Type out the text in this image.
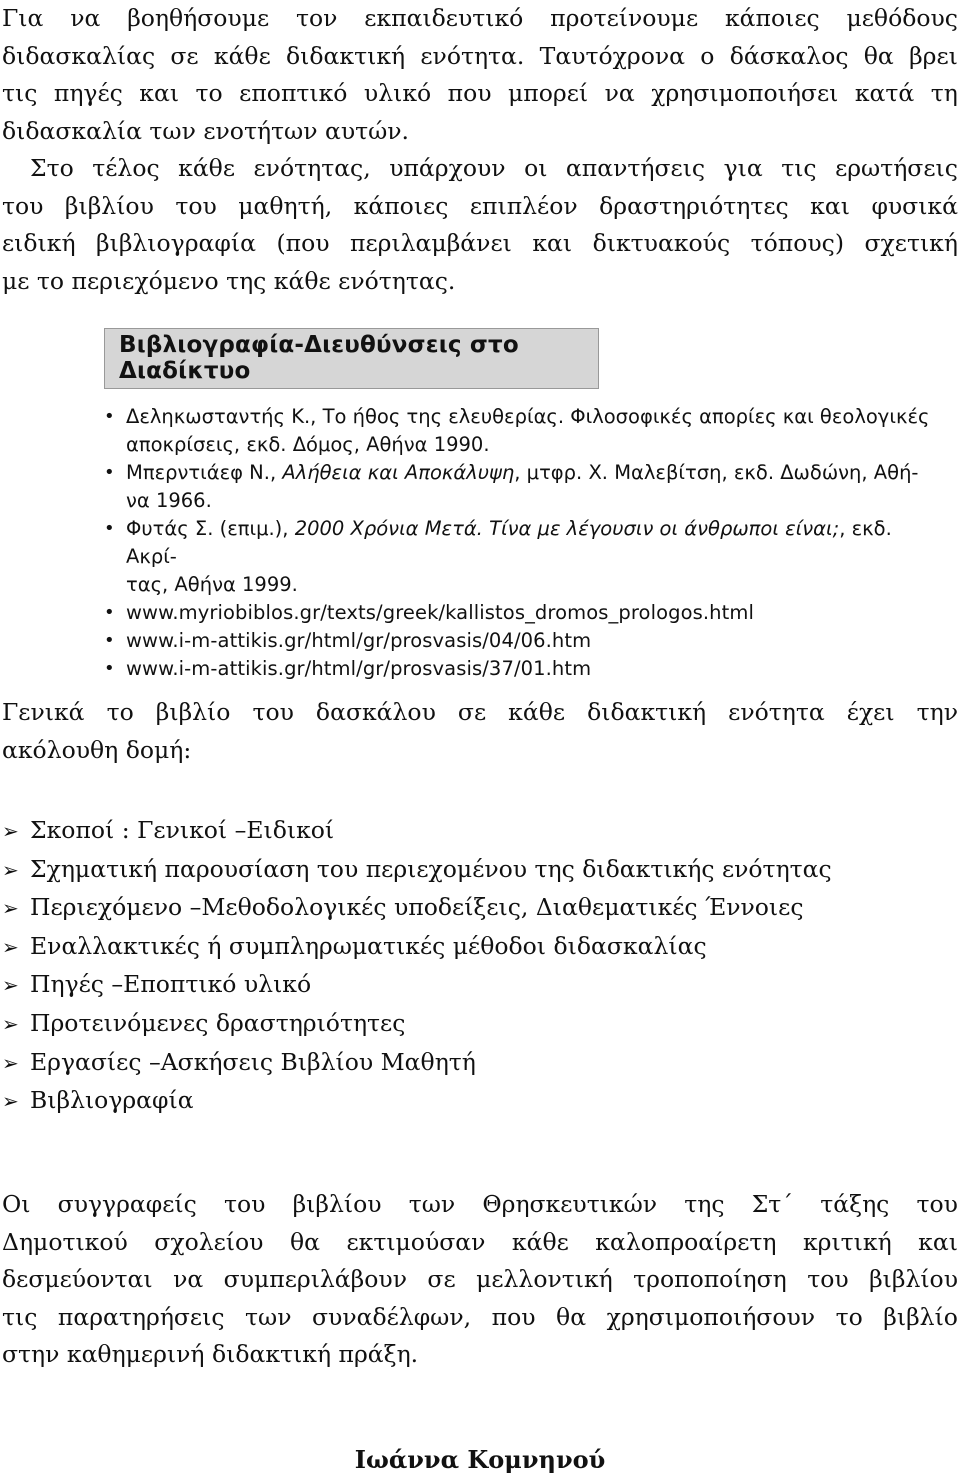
Για να βοηθήσουμε τον εκπαιδευτικό προτείνουμε κάποιες μεθόδους
διδασκαλίας σε κάθε διδακτική ενότητα. Ταυτόχρονα ο δάσκαλος θα βρει
τις πηγές και το εποπτικό υλικό που μπορεί να χρησιμοποιήσει κατά τη
διδασκαλία των ενοτήτων αυτών.
Στο τέλος κάθε ενότητας, υπάρχουν οι απαντήσεις για τις ερωτήσεις
του βιβλίου του μαθητή, κάποιες επιπλέον δραστηριότητες και φυσικά
ειδική βιβλιογραφία (που περιλαμβάνει και δικτυακούς τόπους) σχετική
με το περιεχόμενο της κάθε ενότητας.
Βιβλιογραφία-Διευθύνσεις στο Διαδίκτυο
• Δεληκωσταντής Κ., Το ήθος της ελευθερίας. Φιλοσοφικές απορίες και θεολογικές
αποκρίσεις, εκδ. Δόμος, Αθήνα 1990.
• Μπερντιάεφ Ν., Αλήθεια και Αποκάλυψη, μτφρ. Χ. Μαλεβίτση, εκδ. Δωδώνη, Αθή-
να 1966.
• Φυτάς Σ. (επιμ.), 2000 Χρόνια Μετά. Τίνα με λέγουσιν οι άνθρωποι είναι;, εκδ. Ακρί-
τας, Αθήνα 1999.
• www.myriobiblos.gr/texts/greek/kallistos_dromos_prologos.html
• www.i-m-attikis.gr/html/gr/prosvasis/04/06.htm
• www.i-m-attikis.gr/html/gr/prosvasis/37/01.htm
Γενικά το βιβλίο του δασκάλου σε κάθε διδακτική ενότητα έχει την
ακόλουθη δομή:
➢ Σκοποί : Γενικοί –Ειδικοί
➢ Σχηματική παρουσίαση του περιεχομένου της διδακτικής ενότητας
➢ Περιεχόμενο –Μεθοδολογικές υποδείξεις, Διαθεματικές Έννοιες
➢ Εναλλακτικές ή συμπληρωματικές μέθοδοι διδασκαλίας
➢ Πηγές –Εποπτικό υλικό
➢ Προτεινόμενες δραστηριότητες
➢ Εργασίες –Ασκήσεις Βιβλίου Μαθητή
➢ Βιβλιογραφία
Οι συγγραφείς του βιβλίου των Θρησκευτικών της Στ΄ τάξης του
Δημοτικού σχολείου θα εκτιμούσαν κάθε καλοπροαίρετη κριτική και
δεσμεύονται να συμπεριλάβουν σε μελλοντική τροποποίηση του βιβλίου
τις παρατηρήσεις των συναδέλφων, που θα χρησιμοποιήσουν το βιβλίο
στην καθημερινή διδακτική πράξη.
Ιωάννα Κομνηνού
